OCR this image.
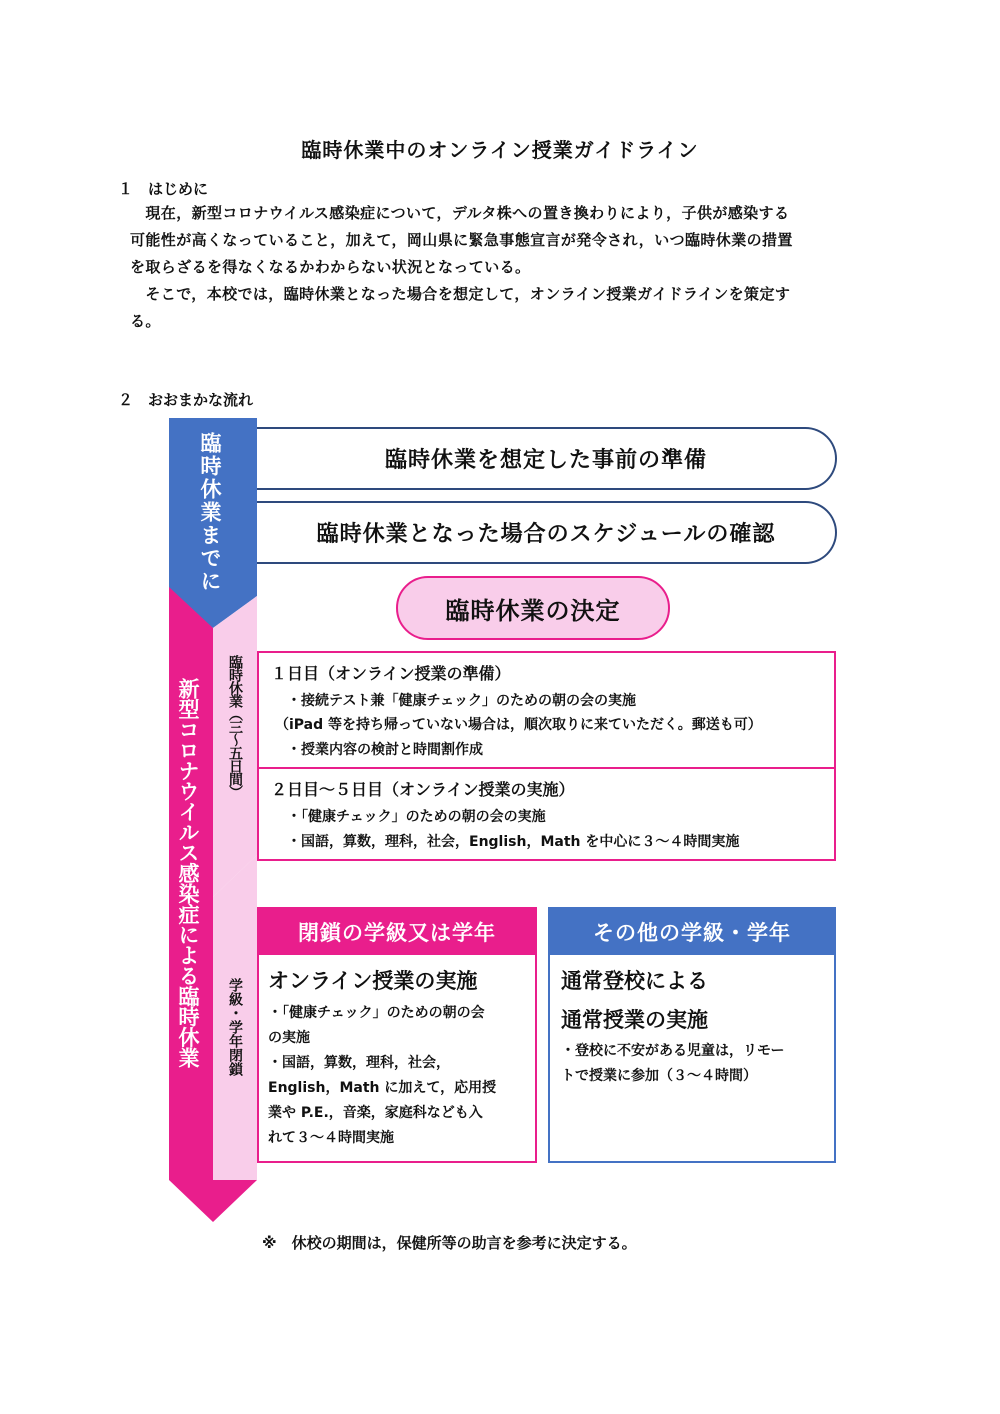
臨時休業中のオンライン授業ガイドライン
１　はじめに
　現在，新型コロナウイルス感染症について，デルタ株への置き換わりにより，子供が感染する
可能性が高くなっていること，加えて，岡山県に緊急事態宣言が発令され，いつ臨時休業の措置
を取らざるを得なくなるかわからない状況となっている。
　そこで，本校では，臨時休業となった場合を想定して，オンライン授業ガイドラインを策定す
る。
２　おおまかな流れ
臨時休業までに
新型コロナウイルス感染症による臨時休業 臨時休業（三～五日間）
学級・学年閉鎖
臨時休業を想定した事前の準備
臨時休業となった場合のスケジュールの確認
臨時休業の決定
１日目（オンライン授業の準備）
・接続テスト兼「健康チェック」のための朝の会の実施
（iPad 等を持ち帰っていない場合は，順次取りに来ていただく。郵送も可）
・授業内容の検討と時間割作成
２日目～５日目（オンライン授業の実施）
・「健康チェック」のための朝の会の実施
・国語，算数，理科，社会，English，Math を中心に３～４時間実施
閉鎖の学級又は学年
オンライン授業の実施
・「健康チェック」のための朝の会
の実施
・国語，算数，理科，社会，
English，Math に加えて，応用授
業や P.E.，音楽，家庭科なども入
れて３～４時間実施
その他の学級・学年
通常登校による
通常授業の実施
・登校に不安がある児童は，リモー
トで授業に参加（３～４時間）
※　休校の期間は，保健所等の助言を参考に決定する。
